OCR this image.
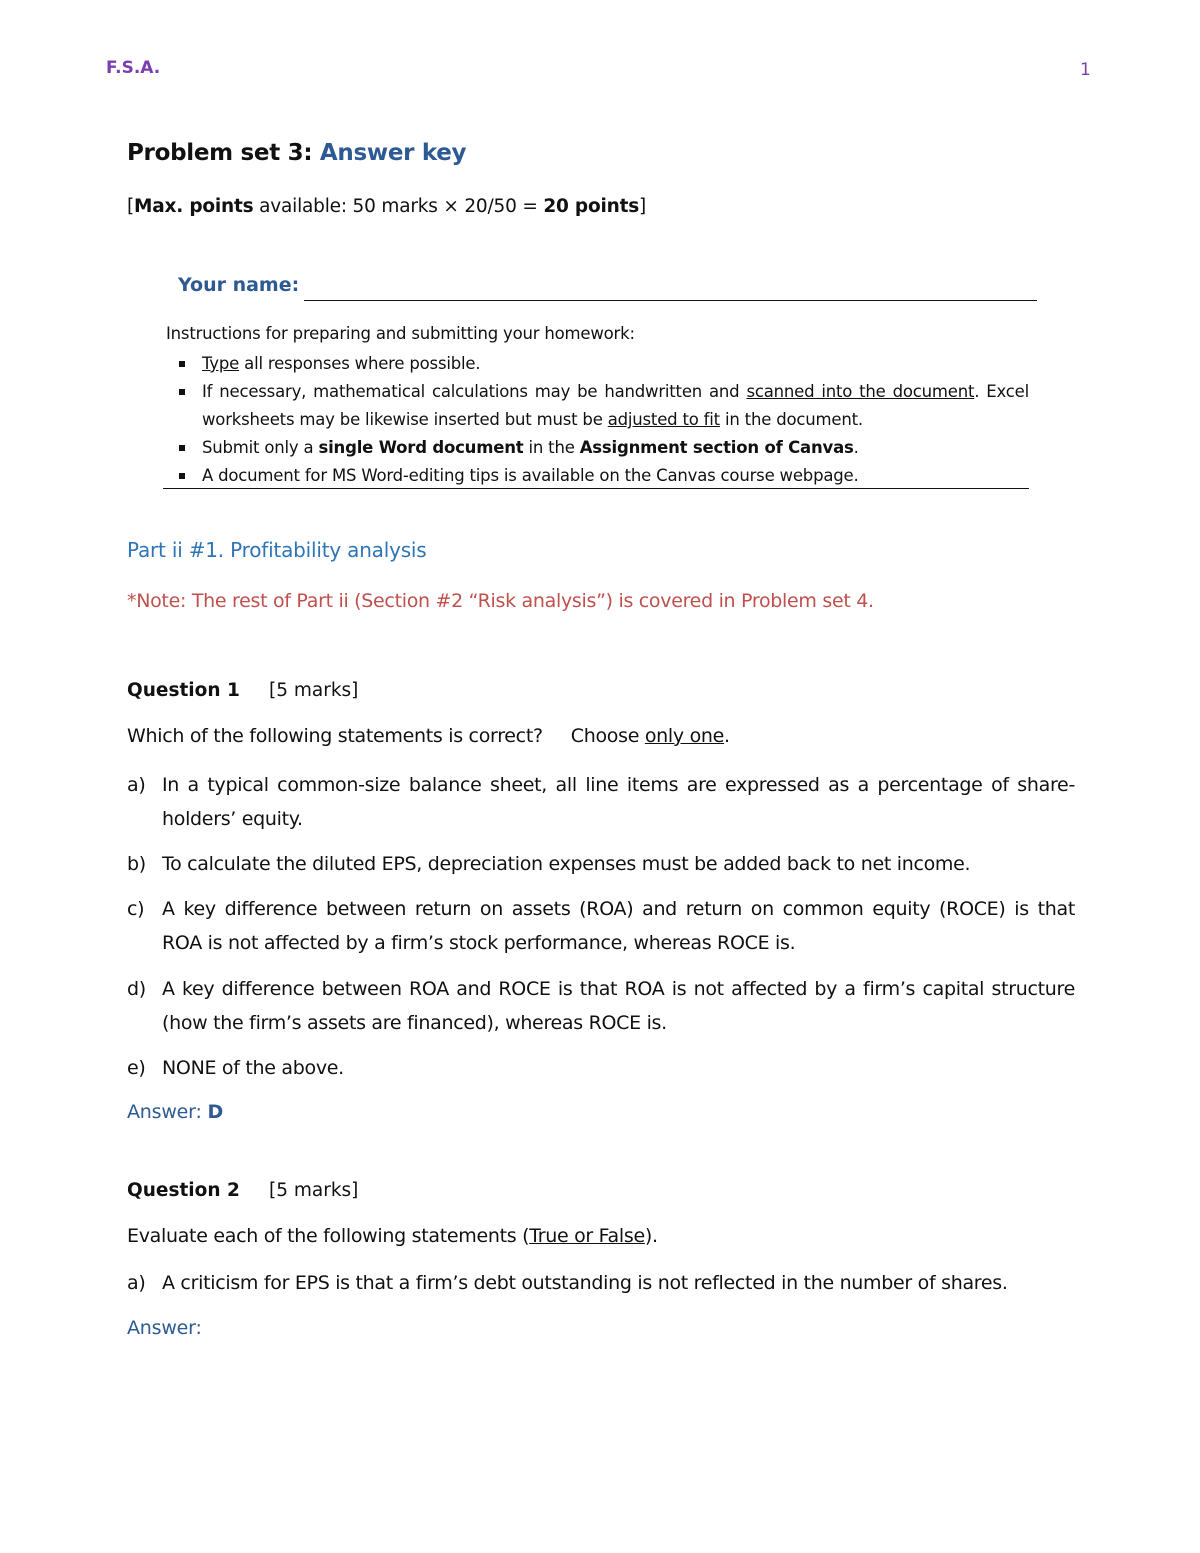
F.S.A.	1
Problem set 3: Answer key
[Max. points available: 50 marks × 20/50 = 20 points]
Your name:
Instructions for preparing and submitting your homework:
Type all responses where possible.
If necessary, mathematical calculations may be handwritten and scanned into the document. Excel worksheets may be likewise inserted but must be adjusted to fit in the document.
Submit only a single Word document in the Assignment section of Canvas.
A document for MS Word-editing tips is available on the Canvas course webpage.
Part ii #1. Profitability analysis
*Note: The rest of Part ii (Section #2 “Risk analysis”) is covered in Problem set 4.
Question 1 [5 marks]
Which of the following statements is correct? Choose only one.
a) In a typical common-size balance sheet, all line items are expressed as a percentage of share-holders’ equity.
b) To calculate the diluted EPS, depreciation expenses must be added back to net income.
c) A key difference between return on assets (ROA) and return on common equity (ROCE) is that ROA is not affected by a firm’s stock performance, whereas ROCE is.
d) A key difference between ROA and ROCE is that ROA is not affected by a firm’s capital structure (how the firm’s assets are financed), whereas ROCE is.
e) NONE of the above.
Answer: D
Question 2 [5 marks]
Evaluate each of the following statements (True or False).
a) A criticism for EPS is that a firm’s debt outstanding is not reflected in the number of shares.
Answer:
